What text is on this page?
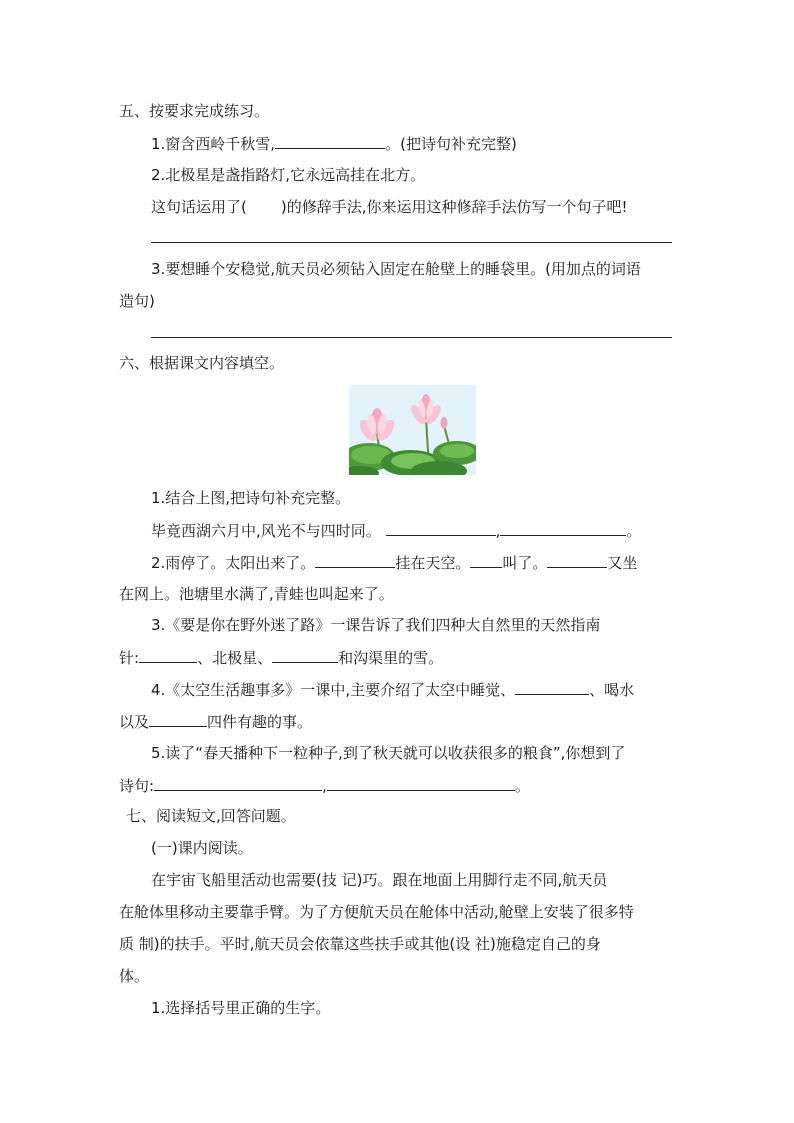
五、按要求完成练习。
1.窗含西岭千秋雪,	。(把诗句补充完整)
2.北极星是盏指路灯,它永远高挂在北方。
这句话运用了( )的修辞手法,你来运用这种修辞手法仿写一个句子吧!
3.要想睡个安稳觉,航天员必须钻入固定在舱壁上的睡袋里。(用加点的词语
造句)
六、根据课文内容填空。
1.结合上图,把诗句补充完整。
毕竟西湖六月中,风光不与四时同。	,	。
2.雨停了。太阳出来了。	挂在天空。 叫了。	又坐
在网上。池塘里水满了,青蛙也叫起来了。
3.《要是你在野外迷了路》一课告诉了我们四种大自然里的天然指南
针:	、北极星、	和沟渠里的雪。
4.《太空生活趣事多》一课中,主要介绍了太空中睡觉、	、喝水
以及	四件有趣的事。
5.读了“春天播种下一粒种子,到了秋天就可以收获很多的粮食”,你想到了
诗句:	,	。
七、阅读短文,回答问题。
(一)课内阅读。
在宇宙飞船里活动也需要(技 记)巧。跟在地面上用脚行走不同,航天员
在舱体里移动主要靠手臂。为了方便航天员在舱体中活动,舱壁上安装了很多特
质 制)的扶手。平时,航天员会依靠这些扶手或其他(设 社)施稳定自己的身
体。
1.选择括号里正确的生字。
